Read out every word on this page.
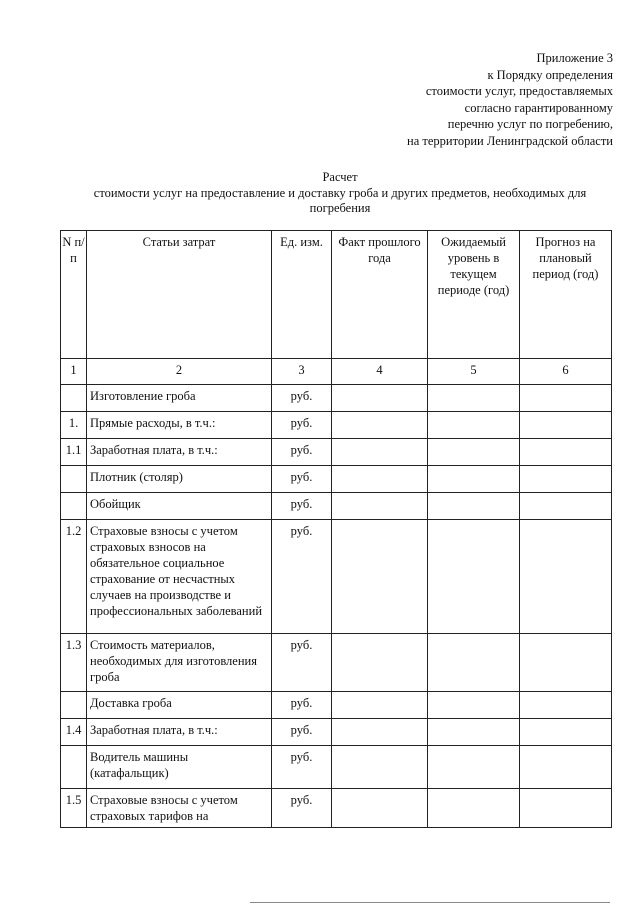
Приложение 3
к Порядку определения
стоимости услуг, предоставляемых
согласно гарантированному
перечню услуг по погребению,
на территории Ленинградской области
Расчет
стоимости услуг на предоставление и доставку гроба и других предметов, необходимых для
погребения
N п/п	Статьи затрат	Ед. изм.	Факт прошлого года	Ожидаемый уровень в текущем периоде (год)	Прогноз на плановый период (год)
1	2	3	4	5	6
	Изготовление гроба	руб.			
1.	Прямые расходы, в т.ч.:	руб.			
1.1	Заработная плата, в т.ч.:	руб.			
	Плотник (столяр)	руб.			
	Обойщик	руб.			
1.2	Страховые взносы с учетом страховых взносов на обязательное социальное страхование от несчастных случаев на производстве и профессиональных заболеваний	руб.			
1.3	Стоимость материалов, необходимых для изготовления гроба	руб.			
	Доставка гроба	руб.			
1.4	Заработная плата, в т.ч.:	руб.			
	Водитель машины (катафальщик)	руб.			
1.5	Страховые взносы с учетом страховых тарифов на	руб.			
